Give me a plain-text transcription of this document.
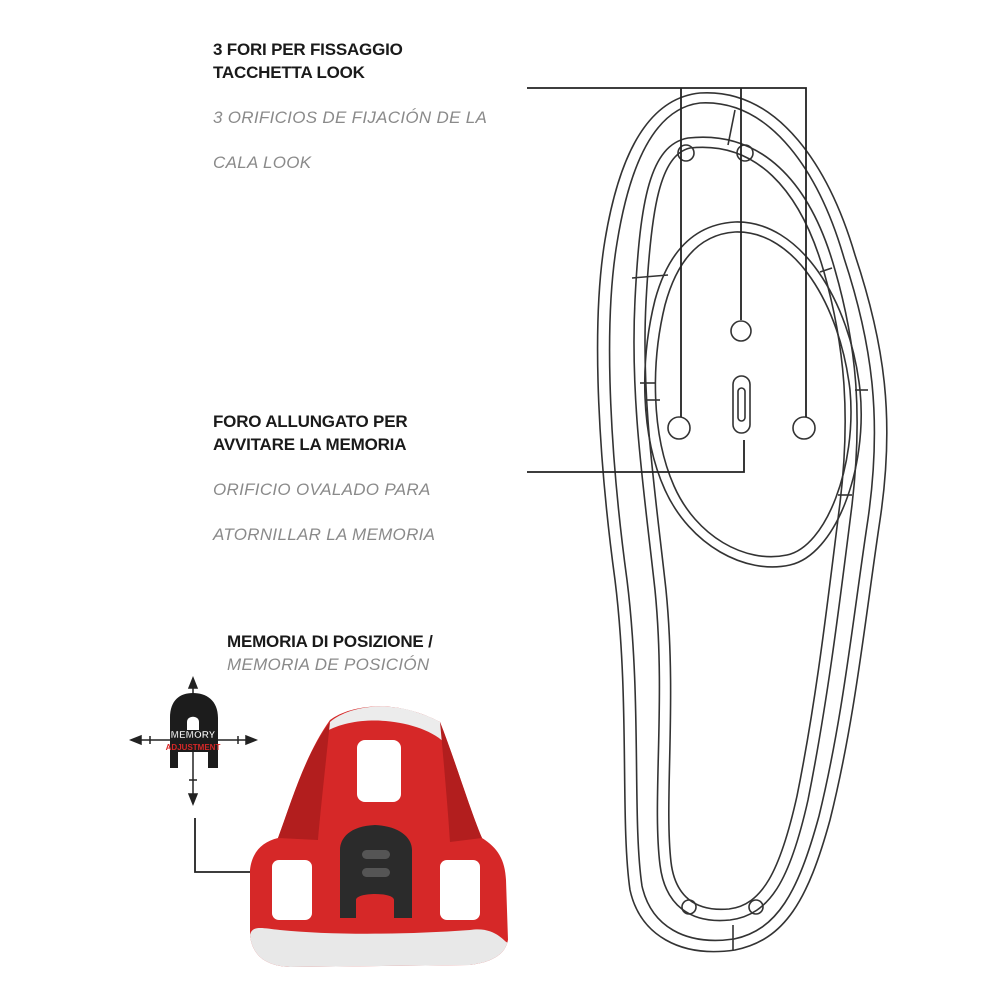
3 FORI PER FISSAGGIO
TACCHETTA LOOK
3 ORIFICIOS DE FIJACIÓN DE LA
CALA LOOK
FORO ALLUNGATO PER
AVVITARE LA MEMORIA
ORIFICIO OVALADO PARA
ATORNILLAR LA MEMORIA
MEMORIA DI POSIZIONE /
MEMORIA DE POSICIÓN
MEMORY
ADJUSTMENT
